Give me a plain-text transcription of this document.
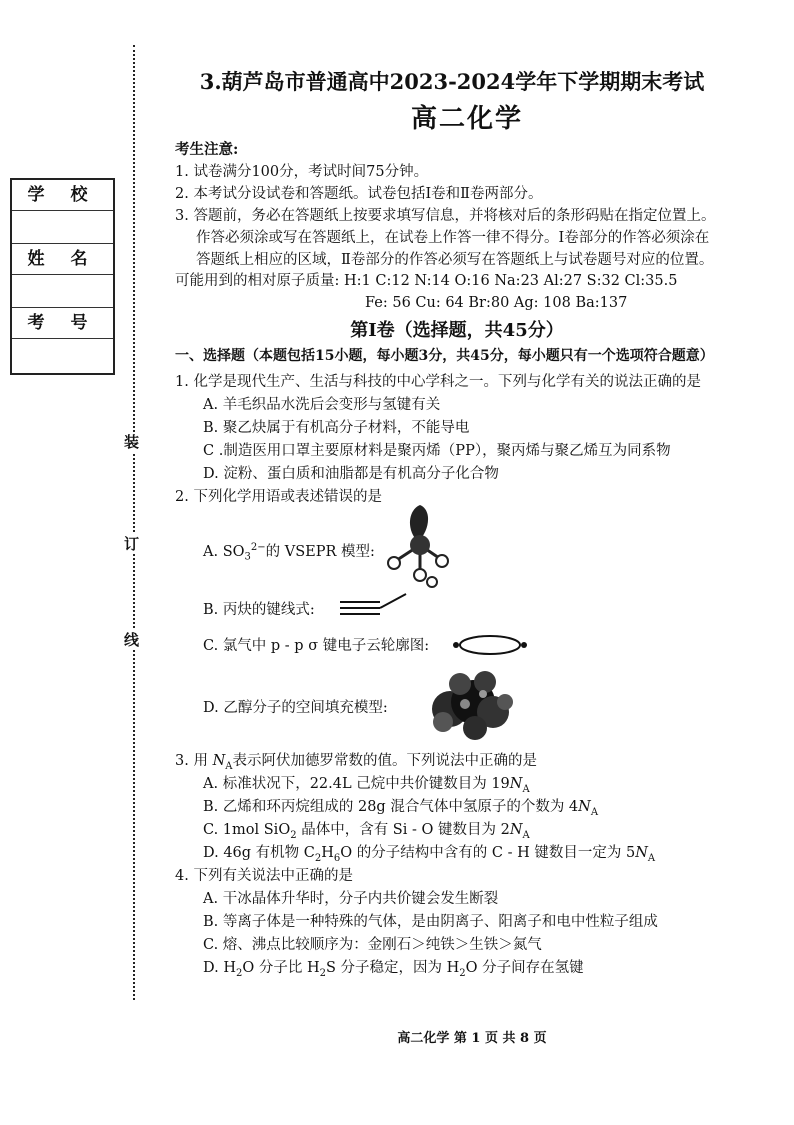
装
订
线
学 校
姓 名
考 号
3.葫芦岛市普通高中2023-2024学年下学期期末考试
高二化学
考生注意:
1. 试卷满分100分，考试时间75分钟。
2. 本考试分设试卷和答题纸。试卷包括Ⅰ卷和Ⅱ卷两部分。
3. 答题前，务必在答题纸上按要求填写信息，并将核对后的条形码贴在指定位置上。
作答必须涂或写在答题纸上，在试卷上作答一律不得分。Ⅰ卷部分的作答必须涂在
答题纸上相应的区域，Ⅱ卷部分的作答必须写在答题纸上与试卷题号对应的位置。
可能用到的相对原子质量: H:1 C:12 N:14 O:16 Na:23 Al:27 S:32 Cl:35.5
Fe: 56 Cu: 64 Br:80 Ag: 108 Ba:137
第Ⅰ卷（选择题，共45分）
一、选择题（本题包括15小题，每小题3分，共45分，每小题只有一个选项符合题意）
1. 化学是现代生产、生活与科技的中心学科之一。下列与化学有关的说法正确的是
A. 羊毛织品水洗后会变形与氢键有关
B. 聚乙炔属于有机高分子材料，不能导电
C .制造医用口罩主要原材料是聚丙烯（PP），聚丙烯与聚乙烯互为同系物
D. 淀粉、蛋白质和油脂都是有机高分子化合物
2. 下列化学用语或表述错误的是
A. $SO_3^{2-}$的 VSEPR 模型:
B. 丙炔的键线式:
C. 氯气中 p - p σ 键电子云轮廓图:
D. 乙醇分子的空间填充模型:
3. 用 $N_A$表示阿伏加德罗常数的值。下列说法中正确的是
A. 标准状况下，22.4L 己烷中共价键数目为 $19N_A$
B. 乙烯和环丙烷组成的 28g 混合气体中氢原子的个数为 $4N_A$
C. 1mol SiO$_2$ 晶体中，含有 Si - O 键数目为 $2N_A$
D. 46g 有机物 $C_2H_6O$ 的分子结构中含有的 C - H 键数目一定为 $5N_A$
4. 下列有关说法中正确的是
A. 干冰晶体升华时，分子内共价键会发生断裂
B. 等离子体是一种特殊的气体，是由阴离子、阳离子和电中性粒子组成
C. 熔、沸点比较顺序为：金刚石＞纯铁＞生铁＞氮气
D. $H_2O$ 分子比 $H_2S$ 分子稳定，因为 $H_2O$ 分子间存在氢键
高二化学 第 1 页 共 8 页
